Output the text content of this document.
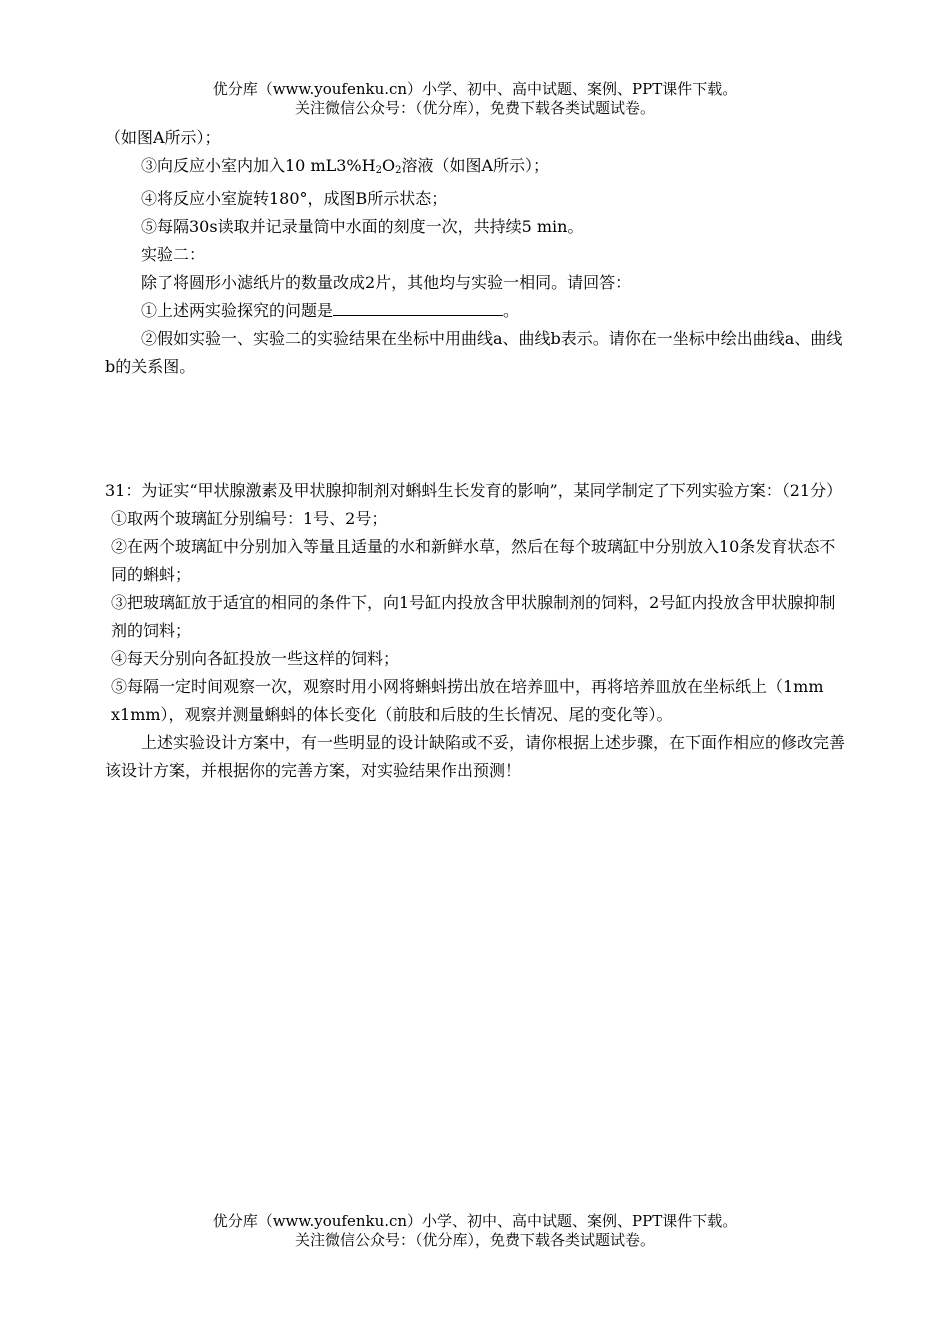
优分库（www.youfenku.cn）小学、初中、高中试题、案例、PPT课件下载。
关注微信公众号：（优分库），免费下载各类试题试卷。

（如图A所示）；

③向反应小室内加入10 $mL3\%H_2O_2$溶液（如图A所示）；

④将反应小室旋转180°，成图B所示状态；

⑤每隔30s读取并记录量筒中水面的刻度一次，共持续5 min。

实验二：

除了将圆形小滤纸片的数量改成2片，其他均与实验一相同。请回答：

①上述两实验探究的问题是	。

②假如实验一、实验二的实验结果在坐标中用曲线a、曲线b表示。请你在一坐标中绘出曲线a、曲线b的关系图。

31：为证实“甲状腺激素及甲状腺抑制剂对蝌蚪生长发育的影响”，某同学制定了下列实验方案：（21分）

①取两个玻璃缸分别编号：1号、2号；

②在两个玻璃缸中分别加入等量且适量的水和新鲜水草，然后在每个玻璃缸中分别放入10条发育状态不同的蝌蚪；

③把玻璃缸放于适宜的相同的条件下，向1号缸内投放含甲状腺制剂的饲料，2号缸内投放含甲状腺抑制剂的饲料；

④每天分别向各缸投放一些这样的饲料；

⑤每隔一定时间观察一次，观察时用小网将蝌蚪捞出放在培养皿中，再将培养皿放在坐标纸上（1mm x1mm），观察并测量蝌蚪的体长变化（前肢和后肢的生长情况、尾的变化等）。

上述实验设计方案中，有一些明显的设计缺陷或不妥，请你根据上述步骤，在下面作相应的修改完善该设计方案，并根据你的完善方案，对实验结果作出预测！

优分库（www.youfenku.cn）小学、初中、高中试题、案例、PPT课件下载。
关注微信公众号：（优分库），免费下载各类试题试卷。
